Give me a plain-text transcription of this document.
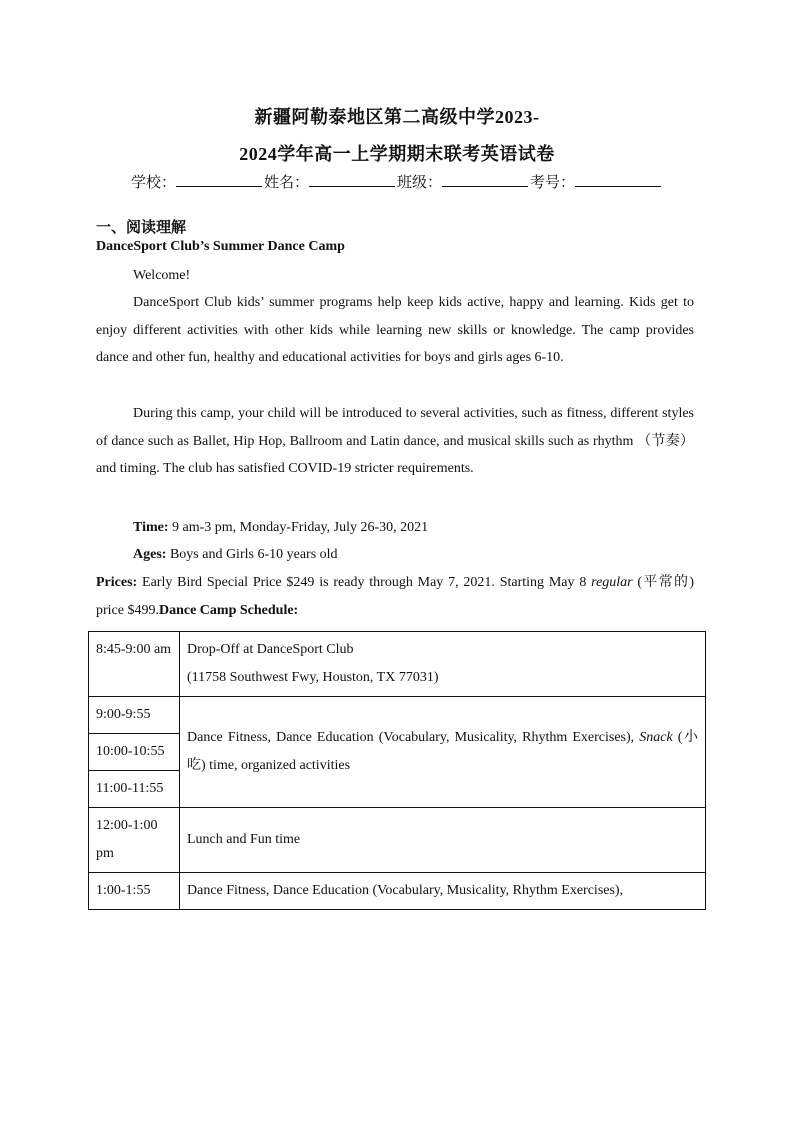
新疆阿勒泰地区第二高级中学2023-
2024学年高一上学期期末联考英语试卷
学校：	姓名：	班级：	考号：
一、阅读理解
DanceSport Club’s Summer Dance Camp
Welcome!
DanceSport Club kids’ summer programs help keep kids active, happy and learning. Kids get to enjoy different activities with other kids while learning new skills or knowledge. The camp provides dance and other fun, healthy and educational activities for boys and girls ages 6-10.
During this camp, your child will be introduced to several activities, such as fitness, different styles of dance such as Ballet, Hip Hop, Ballroom and Latin dance, and musical skills such as rhythm （节奏） and timing. The club has satisfied COVID-19 stricter requirements.
Time: 9 am-3 pm, Monday-Friday, July 26-30, 2021
Ages: Boys and Girls 6-10 years old
Prices: Early Bird Special Price $249 is ready through May 7, 2021. Starting May 8 regular (平常的) price $499.Dance Camp Schedule:
8:45-9:00 am	Drop-Off at DanceSport Club
(11758 Southwest Fwy, Houston, TX 77031)

9:00-9:55	Dance Fitness, Dance Education (Vocabulary, Musicality, Rhythm Exercises), Snack (小吃) time, organized activities
10:00-10:55	
11:00-11:55	
12:00-1:00 pm	Lunch and Fun time
1:00-1:55	Dance Fitness, Dance Education (Vocabulary, Musicality, Rhythm Exercises),
